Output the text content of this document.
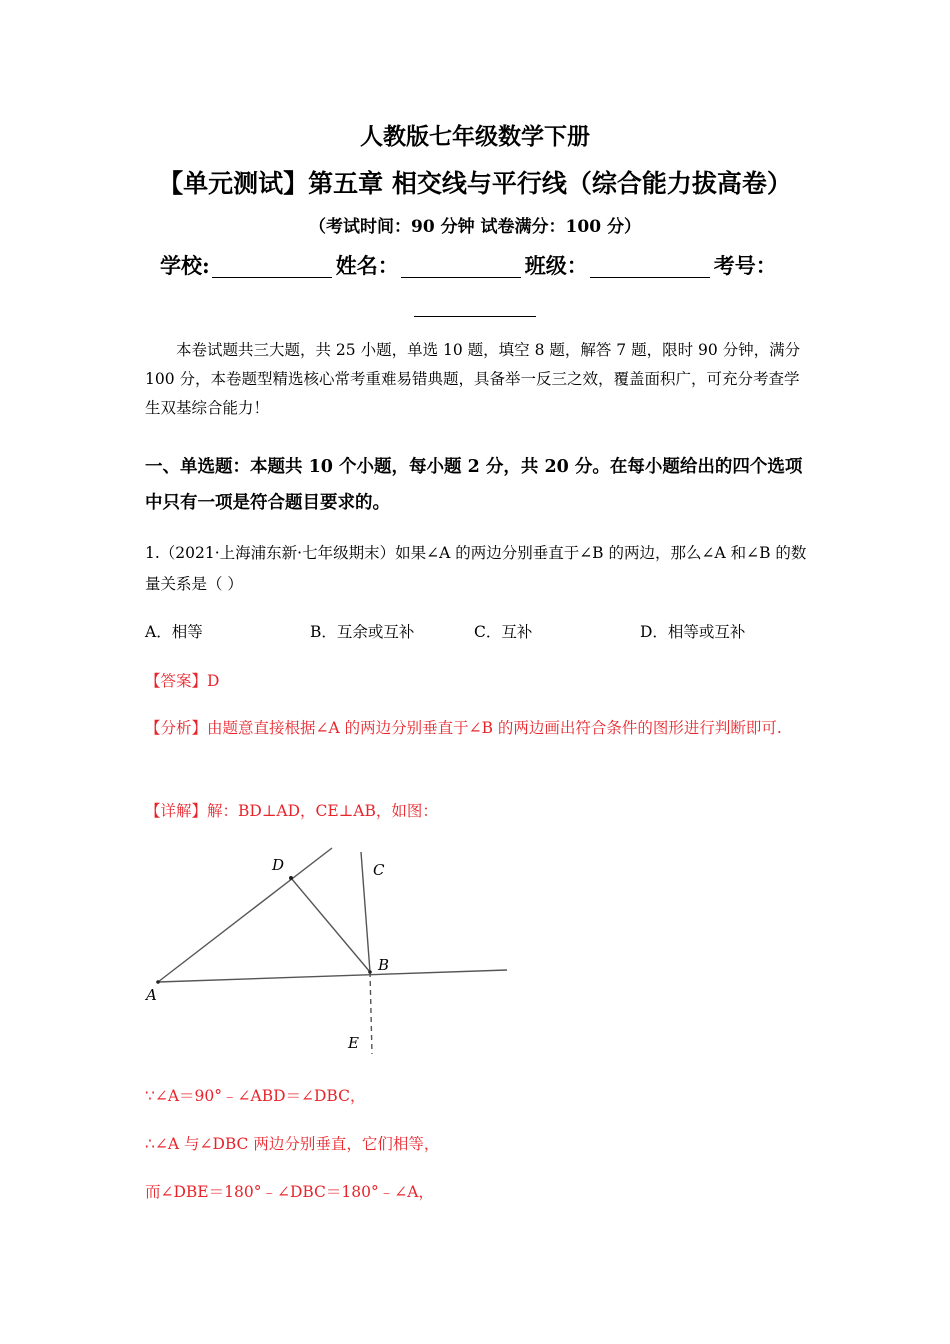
人教版七年级数学下册
【单元测试】第五章 相交线与平行线（综合能力拔高卷）
（考试时间：90 分钟 试卷满分：100 分）
学校:	姓名：	班级：	考号：
本卷试题共三大题，共 25 小题，单选 10 题，填空 8 题，解答 7 题，限时 90 分钟，满分 100 分，本卷题型精选核心常考重难易错典题，具备举一反三之效，覆盖面积广，可充分考查学生双基综合能力！
一、单选题：本题共 10 个小题，每小题 2 分，共 20 分。在每小题给出的四个选项中只有一项是符合题目要求的。
1.（2021·上海浦东新·七年级期末）如果∠A 的两边分别垂直于∠B 的两边，那么∠A 和∠B 的数量关系是（ ）
A．相等	B．互余或互补	C．互补	D．相等或互补
【答案】D
【分析】由题意直接根据∠A 的两边分别垂直于∠B 的两边画出符合条件的图形进行判断即可.
【详解】解：BD⊥AD，CE⊥AB，如图：
D	C
B
A
E
∵∠A＝90°﹣∠ABD＝∠DBC，
∴∠A 与∠DBC 两边分别垂直，它们相等，
而∠DBE＝180°﹣∠DBC＝180°﹣∠A，
